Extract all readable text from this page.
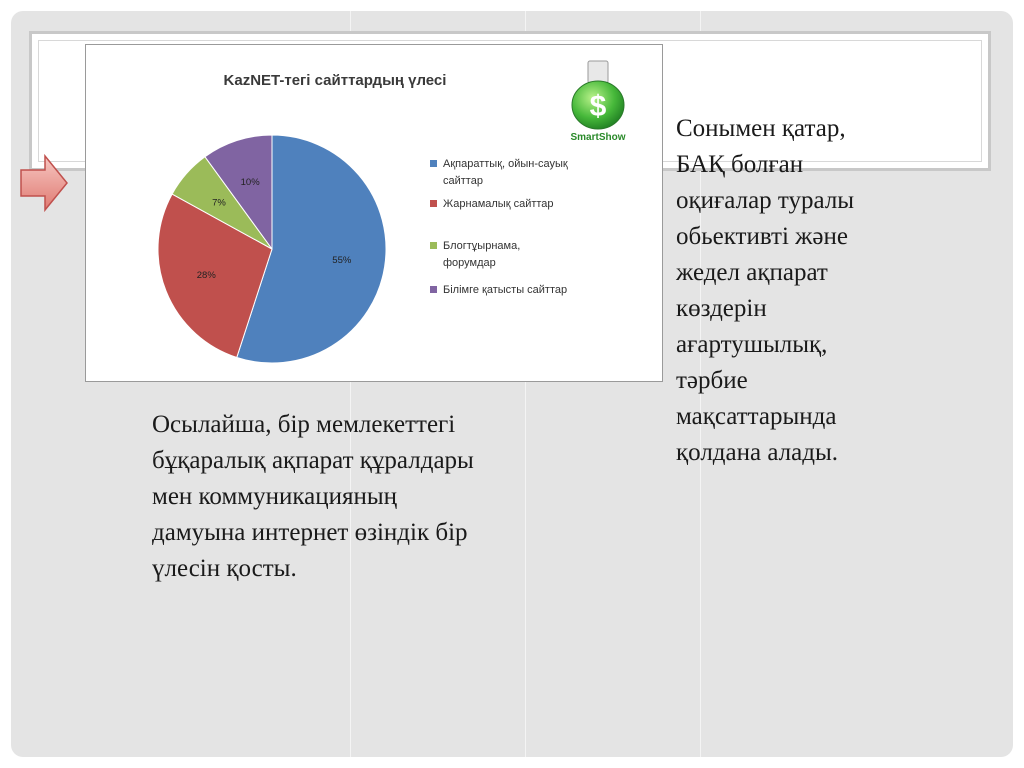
KazNET-тегі сайттардың үлесі
55%
28%
7%
10%
Ақпараттық, ойын-сауық
сайттар
Жарнамалық сайттар
Блогтұырнама,
форумдар
Білімге қатысты сайттар
$
SmartShow Сонымен қатар,
БАҚ болған
оқиғалар туралы
обьективті және
жедел ақпарат
көздерін
ағартушылық,
тәрбие
мақсаттарында
қолдана алады.
Осылайша, бір мемлекеттегі
бұқаралық ақпарат құралдары
мен коммуникацияның
дамуына интернет өзіндік бір
үлесін қосты.
